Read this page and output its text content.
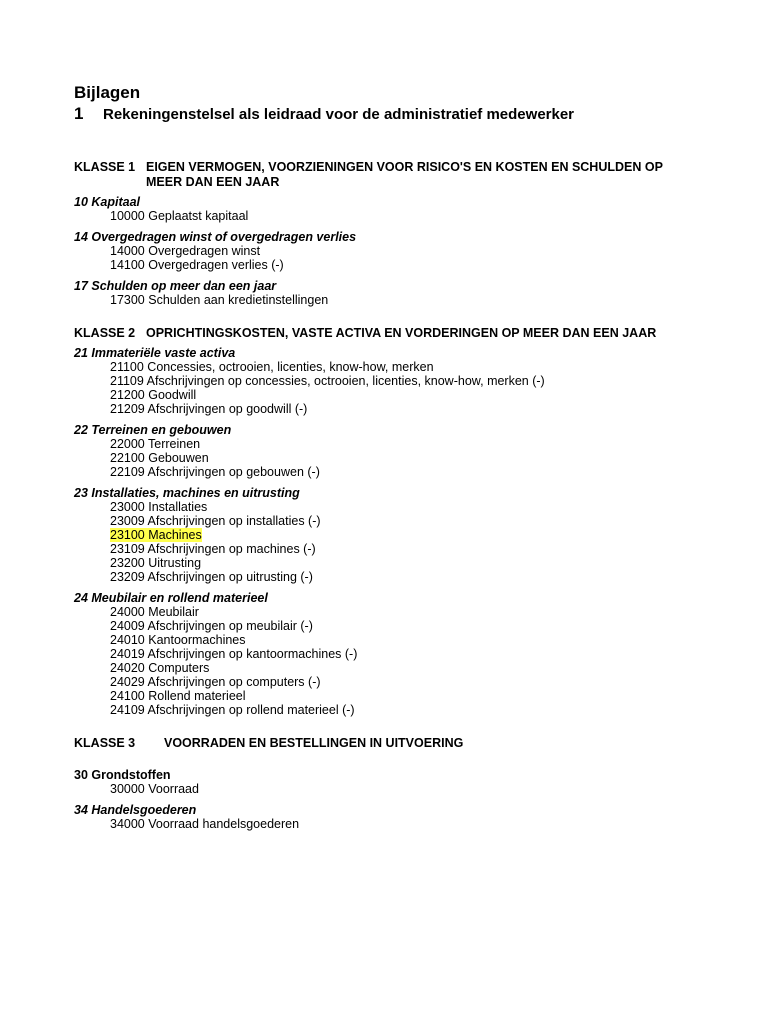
Bijlagen
1 Rekeningenstelsel als leidraad voor de administratief medewerker
KLASSE 1 EIGEN VERMOGEN, VOORZIENINGEN VOOR RISICO'S EN KOSTEN EN SCHULDEN OP MEER DAN EEN JAAR
10 Kapitaal
10000 Geplaatst kapitaal
14 Overgedragen winst of overgedragen verlies
14000 Overgedragen winst
14100 Overgedragen verlies (-)
17 Schulden op meer dan een jaar
17300 Schulden aan kredietinstellingen
KLASSE 2 OPRICHTINGSKOSTEN, VASTE ACTIVA EN VORDERINGEN OP MEER DAN EEN JAAR
21 Immateriële vaste activa
21100 Concessies, octrooien, licenties, know-how, merken
21109 Afschrijvingen op concessies, octrooien, licenties, know-how, merken (-)
21200 Goodwill
21209 Afschrijvingen op goodwill (-)
22 Terreinen en gebouwen
22000 Terreinen
22100 Gebouwen
22109 Afschrijvingen op gebouwen (-)
23 Installaties, machines en uitrusting
23000 Installaties
23009 Afschrijvingen op installaties (-)
23100 Machines
23109 Afschrijvingen op machines (-)
23200 Uitrusting
23209 Afschrijvingen op uitrusting (-)
24 Meubilair en rollend materieel
24000 Meubilair
24009 Afschrijvingen op meubilair (-)
24010 Kantoormachines
24019 Afschrijvingen op kantoormachines (-)
24020 Computers
24029 Afschrijvingen op computers (-)
24100 Rollend materieel
24109 Afschrijvingen op rollend materieel (-)
KLASSE 3	VOORRADEN EN BESTELLINGEN IN UITVOERING
30 Grondstoffen
30000 Voorraad
34 Handelsgoederen
34000 Voorraad handelsgoederen
